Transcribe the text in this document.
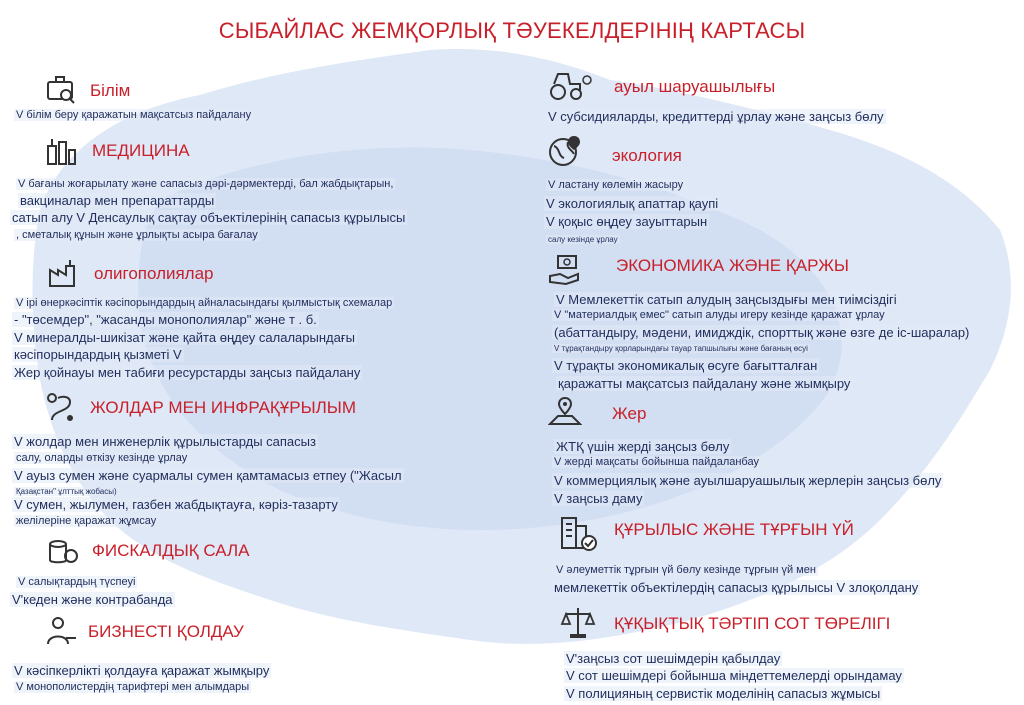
СЫБАЙЛАС ЖЕМҚОРЛЫҚ ТӘУЕКЕЛДЕРІНІҢ КАРТАСЫ
Білім
V білім беру қаражатын мақсатсыз пайдалану
МЕДИЦИНА
V бағаны жоғарылату және сапасыз дәрі-дәрмектерді, бал жабдықтарын,
вакциналар мен препараттарды
сатып алу V Денсаулық сақтау объектілерінің сапасыз құрылысы
, сметалық құнын және ұрлықты асыра бағалау
олигополиялар
V ірі өнеркәсіптік кәсіпорындардың айналасындағы қылмыстық схемалар
- "төсемдер", "жасанды монополиялар" және т . б.
V минералды-шикізат және қайта өңдеу салаларындағы
кәсіпорындардың қызметі V
Жер қойнауы мен табиғи ресурстарды заңсыз пайдалану
ЖОЛДАР МЕН ИНФРАҚҰРЫЛЫМ
V жолдар мен инженерлік құрылыстарды сапасыз
салу, оларды өткізу кезінде ұрлау
V ауыз сумен және суармалы сумен қамтамасыз етпеу ("Жасыл
Қазақстан" ұлттық жобасы)
V сумен, жылумен, газбен жабдықтауға, кәріз-тазарту
желілеріне қаражат жұмсау
ФИСКАЛДЫҚ САЛА
V салықтардың түспеуі
V'кеден және контрабанда
БИЗНЕСТІ ҚОЛДАУ
V кәсіпкерлікті қолдауға қаражат жымқыру
V монополистердің тарифтері мен алымдары
ауыл шаруашылығы
V субсидияларды, кредиттерді ұрлау және заңсыз бөлу
экология
V ластану көлемін жасыру
V экологиялық апаттар қаупі
V қоқыс өңдеу зауыттарын
салу кезінде ұрлау
ЭКОНОМИКА ЖӘНЕ ҚАРЖЫ
V Мемлекеттік сатып алудың заңсыздығы мен тиімсіздігі
V "материалдық емес" сатып алуды игеру кезінде қаражат ұрлау
(абаттандыру, мәдени, имидждік, спорттық және өзге де іс-шаралар)
V тұрақтандыру қорларындағы тауар тапшылығы және бағаның өсуі
V тұрақты экономикалық өсуге бағытталған
қаражатты мақсатсыз пайдалану және жымқыру
Жер
ЖТҚ үшін жерді заңсыз бөлу
V жерді мақсаты бойынша пайдаланбау
V коммерциялық және ауылшаруашылық жерлерін заңсыз бөлу
V заңсыз даму
ҚҰРЫЛЫС ЖӘНЕ ТҰРҒЫН ҮЙ
V әлеуметтік тұрғын үй бөлу кезінде тұрғын үй мен
мемлекеттік объектілердің сапасыз құрылысы V злоқолдану
ҚҰҚЫҚТЫҚ ТӘРТІП СОТ ТӨРЕЛІГІ
V'заңсыз сот шешімдерін қабылдау
V сот шешімдері бойынша міндеттемелерді орындамау
V полицияның сервистік моделінің сапасыз жұмысы
